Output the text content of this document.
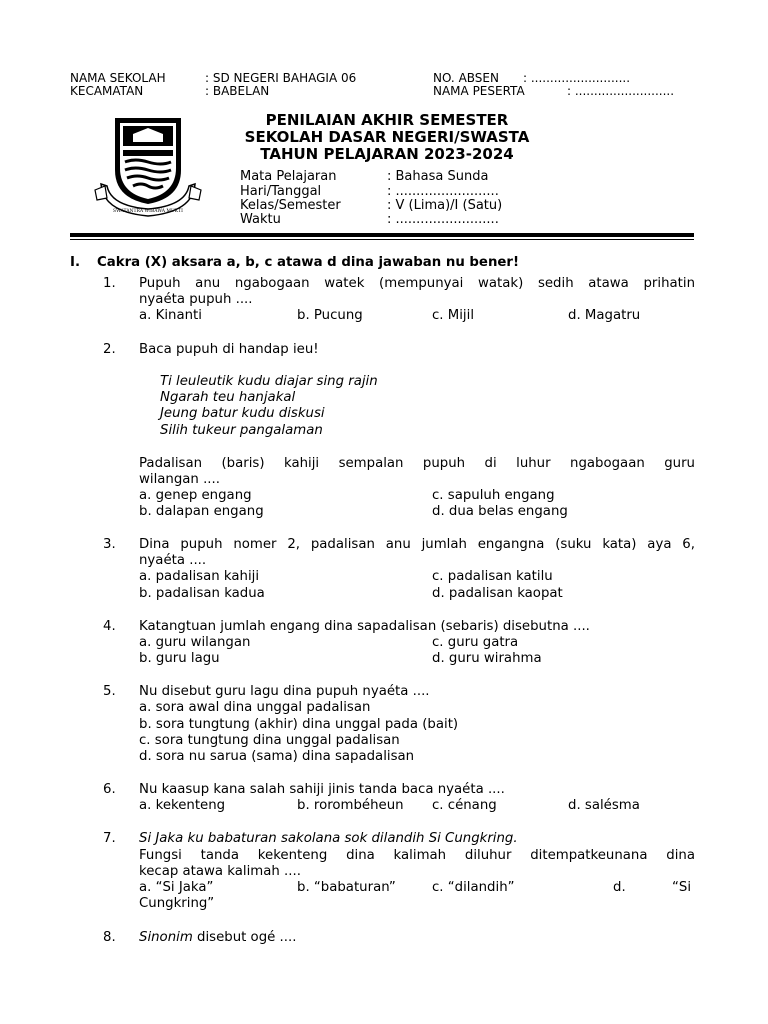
NAMA SEKOLAH	: SD NEGERI BAHAGIA 06	NO. ABSEN : ..........................
KECAMATAN	: BABELAN	NAMA PESERTA	: ..........................
SWATANTRA WIBAWA MUKTI
PENILAIAN AKHIR SEMESTER
SEKOLAH DASAR NEGERI/SWASTA
TAHUN PELAJARAN 2023-2024
Mata Pelajaran	: Bahasa Sunda
Hari/Tanggal	: .........................
Kelas/Semester	: V (Lima)/I (Satu)
Waktu	: .........................
I. Cakra (X) aksara a, b, c atawa d dina jawaban nu bener!
1. Pupuh anu ngabogaan watek (mempunyai watak) sedih atawa prihatin
nyaéta pupuh ....
a. Kinanti	b. Pucung	c. Mijil	d. Magatru
2. Baca pupuh di handap ieu!
Ti leuleutik kudu diajar sing rajin
Ngarah teu hanjakal
Jeung batur kudu diskusi
Silih tukeur pangalaman
Padalisan (baris) kahiji sempalan pupuh di luhur ngabogaan guru
wilangan ....
a. genep engang	c. sapuluh engang
b. dalapan engang	d. dua belas engang
3. Dina pupuh nomer 2, padalisan anu jumlah engangna (suku kata) aya 6,
nyaéta ....
a. padalisan kahiji	c. padalisan katilu
b. padalisan kadua	d. padalisan kaopat
4. Katangtuan jumlah engang dina sapadalisan (sebaris) disebutna ....
a. guru wilangan	c. guru gatra
b. guru lagu	d. guru wirahma
5. Nu disebut guru lagu dina pupuh nyaéta ....
a. sora awal dina unggal padalisan
b. sora tungtung (akhir) dina unggal pada (bait)
c. sora tungtung dina unggal padalisan
d. sora nu sarua (sama) dina sapadalisan
6. Nu kaasup kana salah sahiji jinis tanda baca nyaéta ....
a. kekenteng	b. rorombéheun c. cénang	d. salésma
7. Si Jaka ku babaturan sakolana sok dilandih Si Cungkring.
Fungsi tanda kekenteng dina kalimah diluhur ditempatkeunana dina
kecap atawa kalimah ....
a. “Si Jaka”	b. “babaturan”	c. “dilandih”	d.	“Si
Cungkring”
8. Sinonim disebut ogé ....
